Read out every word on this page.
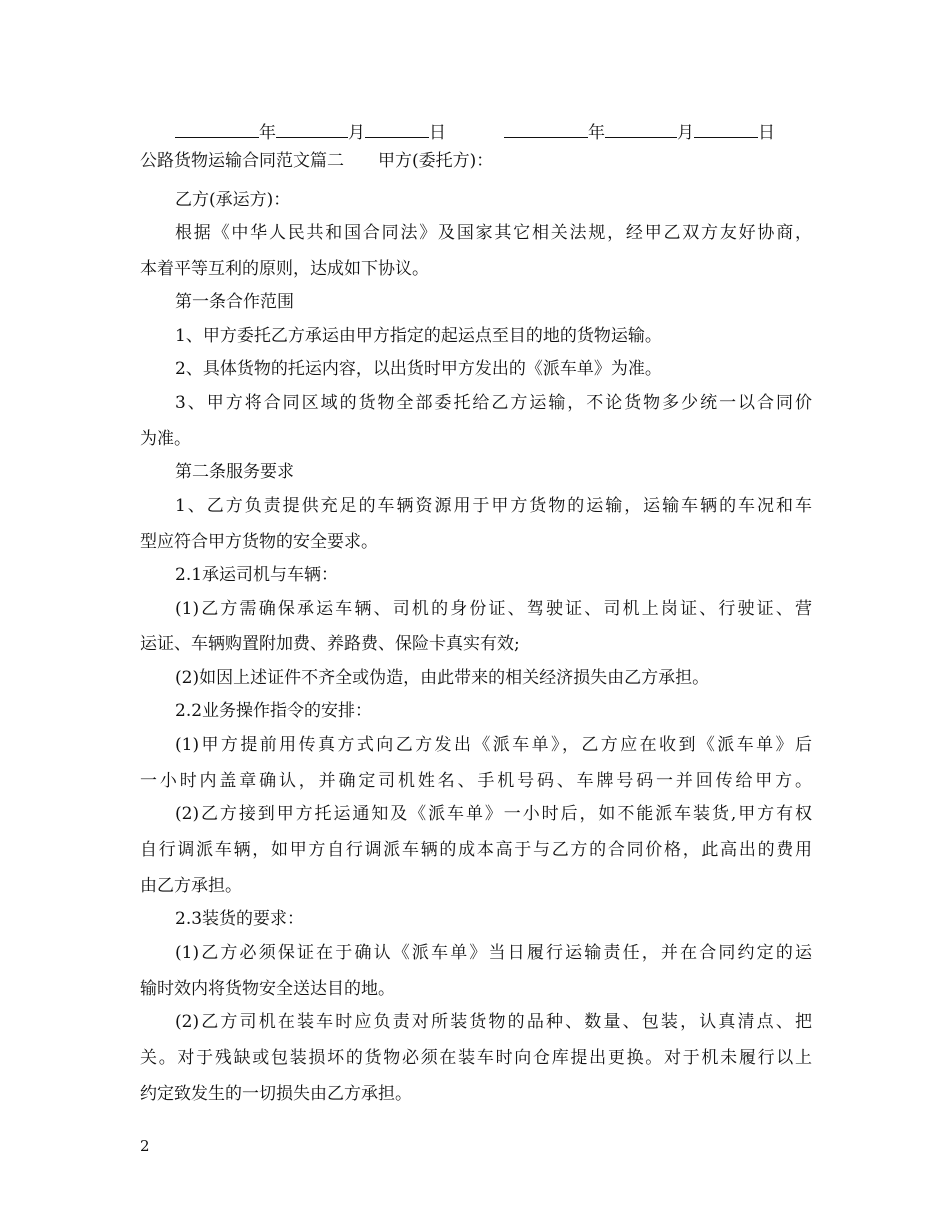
年	月	日	年	月	日
公路货物运输合同范文篇二　　甲方(委托方)：
乙方(承运方)：
根据《中华人民共和国合同法》及国家其它相关法规，经甲乙双方友好协商，
本着平等互利的原则，达成如下协议。
第一条合作范围
1、甲方委托乙方承运由甲方指定的起运点至目的地的货物运输。
2、具体货物的托运内容，以出货时甲方发出的《派车单》为准。
3、甲方将合同区域的货物全部委托给乙方运输，不论货物多少统一以合同价
为准。
第二条服务要求
1、乙方负责提供充足的车辆资源用于甲方货物的运输，运输车辆的车况和车
型应符合甲方货物的安全要求。
2.1承运司机与车辆：
(1)乙方需确保承运车辆、司机的身份证、驾驶证、司机上岗证、行驶证、营
运证、车辆购置附加费、养路费、保险卡真实有效;
(2)如因上述证件不齐全或伪造，由此带来的相关经济损失由乙方承担。
2.2业务操作指令的安排：
(1)甲方提前用传真方式向乙方发出《派车单》，乙方应在收到《派车单》后
一小时内盖章确认，并确定司机姓名、手机号码、车牌号码一并回传给甲方。
(2)乙方接到甲方托运通知及《派车单》一小时后，如不能派车装货,甲方有权
自行调派车辆，如甲方自行调派车辆的成本高于与乙方的合同价格，此高出的费用
由乙方承担。
2.3装货的要求：
(1)乙方必须保证在于确认《派车单》当日履行运输责任，并在合同约定的运
输时效内将货物安全送达目的地。
(2)乙方司机在装车时应负责对所装货物的品种、数量、包装，认真清点、把
关。对于残缺或包装损坏的货物必须在装车时向仓库提出更换。对于机未履行以上
约定致发生的一切损失由乙方承担。
2
